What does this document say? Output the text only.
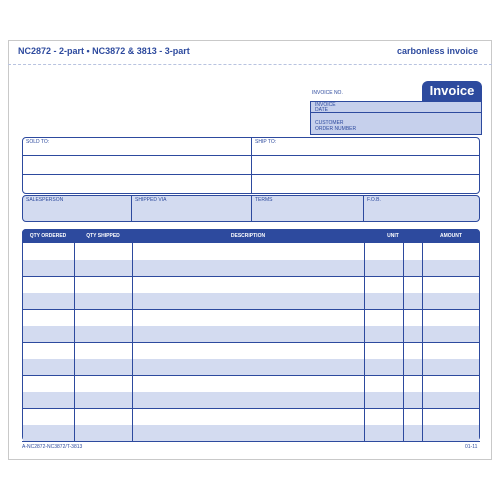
NC2872 - 2-part • NC3872 & 3813 - 3-part	carbonless invoice
INVOICE NO.	Invoice
INVOICE
DATE
CUSTOMER
ORDER NUMBER
SOLD TO:	SHIP TO:
SALESPERSON	SHIPPED VIA	TERMS	F.O.B.
QTY ORDERED	QTY SHIPPED	DESCRIPTION	UNIT	AMOUNT
A-NC2872-NC3872/T-3813	01-11
